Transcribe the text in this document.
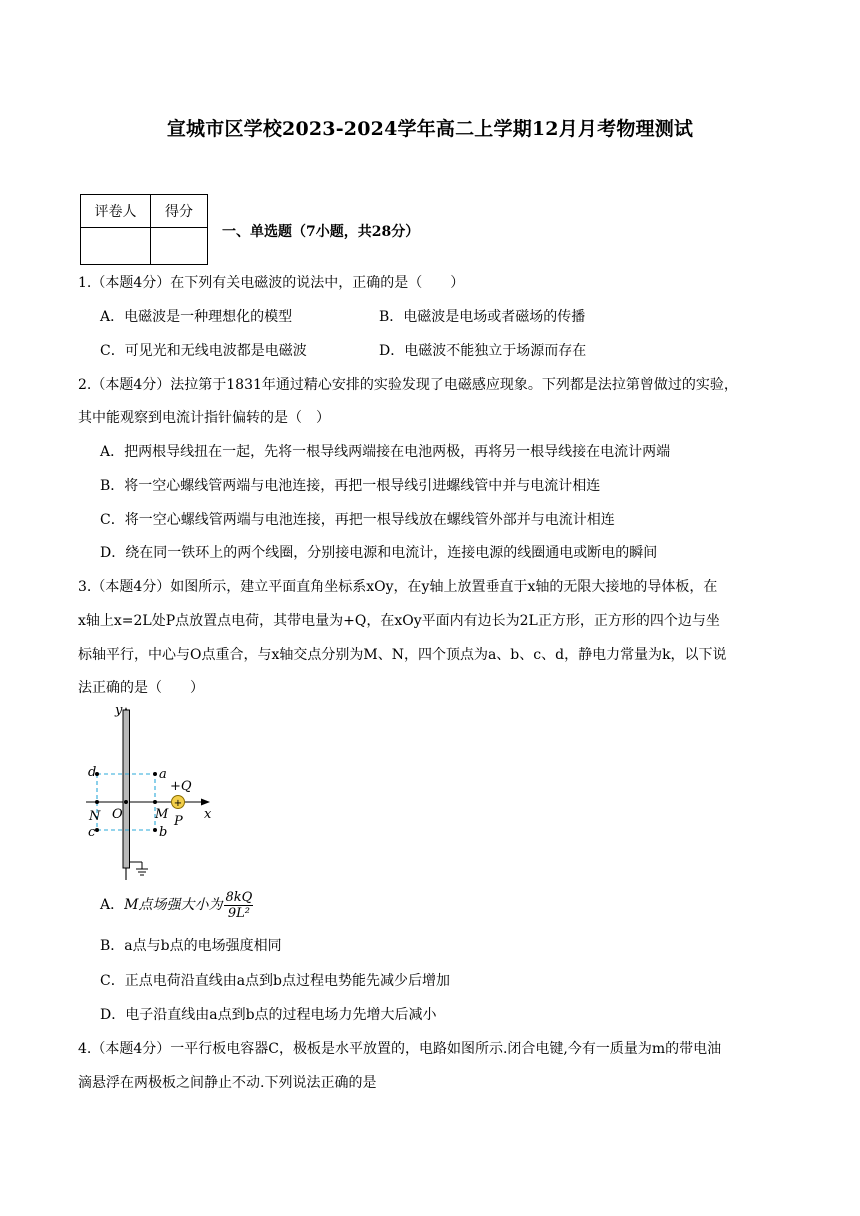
宣城市区学校2023-2024学年高二上学期12月月考物理测试
评卷人	得分

一、单选题（7小题，共28分）
1.（本题4分）在下列有关电磁波的说法中，正确的是（　　）
A．电磁波是一种理想化的模型	B．电磁波是电场或者磁场的传播
C．可见光和无线电波都是电磁波	D．电磁波不能独立于场源而存在
2.（本题4分）法拉第于1831年通过精心安排的实验发现了电磁感应现象。下列都是法拉第曾做过的实验，
其中能观察到电流计指针偏转的是（　）
A．把两根导线扭在一起，先将一根导线两端接在电池两极，再将另一根导线接在电流计两端
B．将一空心螺线管两端与电池连接，再把一根导线引进螺线管中并与电流计相连
C．将一空心螺线管两端与电池连接，再把一根导线放在螺线管外部并与电流计相连
D．绕在同一铁环上的两个线圈，分别接电源和电流计，连接电源的线圈通电或断电的瞬间
3.（本题4分）如图所示，建立平面直角坐标系xOy，在y轴上放置垂直于x轴的无限大接地的导体板，在
x轴上x=2L处P点放置点电荷，其带电量为+Q，在xOy平面内有边长为2L正方形，正方形的四个边与坐
标轴平行，中心与O点重合，与x轴交点分别为M、N，四个顶点为a、b、c、d，静电力常量为k，以下说
法正确的是（　　）
+
y
x
O
a
b
c
d
M
N	P
+Q
A．M点场强大小为 $\frac{8kQ}{\text{9L²}}$
B．a点与b点的电场强度相同
C．正点电荷沿直线由a点到b点过程电势能先减少后增加
D．电子沿直线由a点到b点的过程电场力先增大后减小
4.（本题4分）一平行板电容器C，极板是水平放置的，电路如图所示.闭合电键,今有一质量为m的带电油
滴悬浮在两极板之间静止不动.下列说法正确的是
